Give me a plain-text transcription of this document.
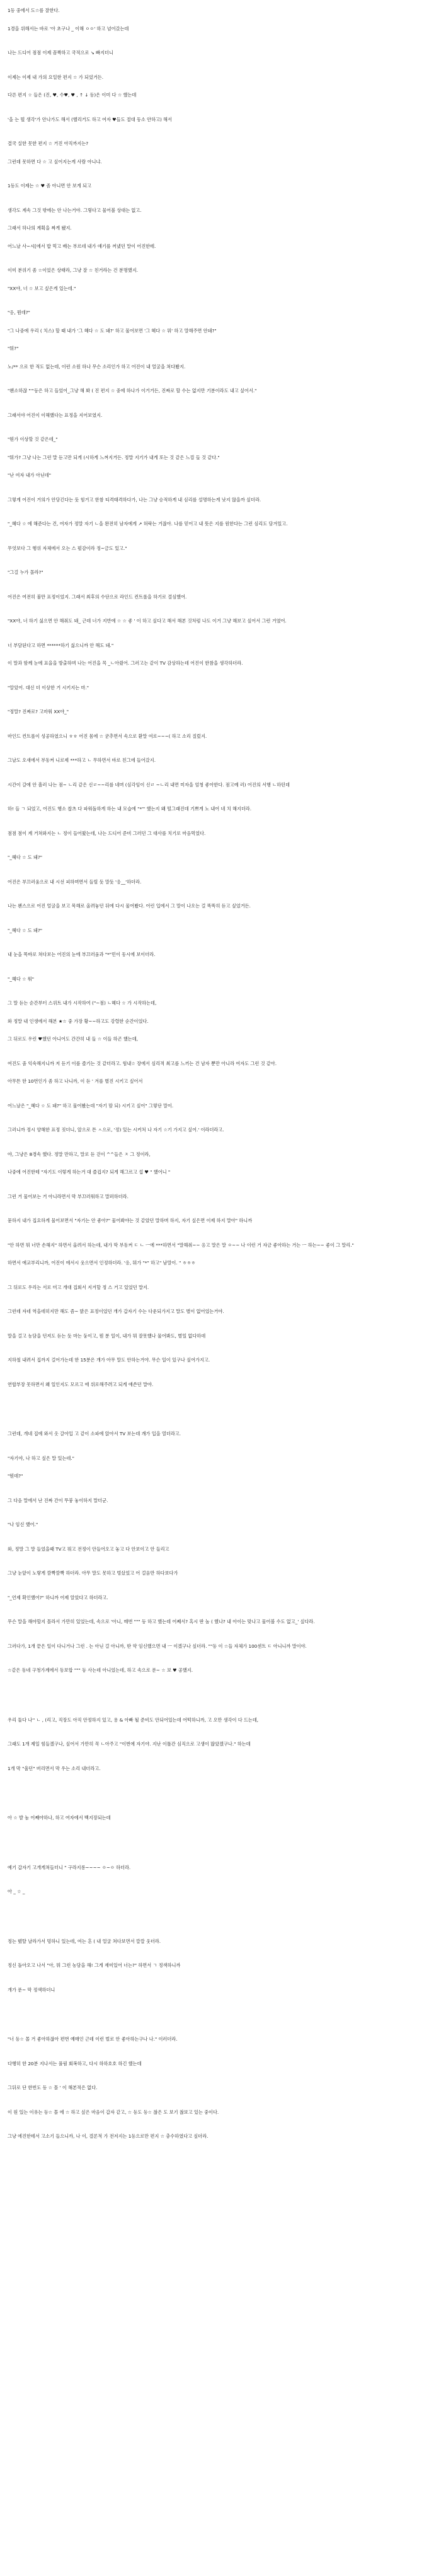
1등 중에서 도☆를 잘한다.

1경을 위해서는 바로 '아 초구나 _ 이해 ㅇㅇ' 하고 넘어갔는데

나는 드디어 점점 이제 꼼짝하고 국적으로 ↘ 빠지더니

이제는 이제 내 가의 요일한 편지 ☆ 가 되었거든.

다른 편지 ☆ 들은 (진, ♥, 수♥, ♥ , ↑ ↓ 등)은 이미 다 ☆ 했는데

'을 는 뭘 생각'가 안나가도 해서 (헬리거도 하고 여자 ♥들도 절대 동소 안하고) 해서

결국 실한 못한 편지 ☆ 거진 아직까지는?

그런데 못하면 다 ☆ 고 싶어지는게 사람 아니냐.

1등도 이제는 ☆ ♥ 좀 아니면 안 보게 되고

생각도 계속 그것 밖에는 안 나는거야. 그렇다고 물어볼 상대는 없고.

그래서 하나의 계획을 짜게 됐지.

어느날 사~시[에서 밥 먹고 배는 부르데 내가 얘기를 꺼냈던 말이 어진한테.

이미 분위기 좀 ☆이었은 상태라, 그냥 잘 ☆ 친거라는 건 분명했지.

"XX야, 너 ☆ 보고 싶은게 있는데."

"응, 뭔데?"

"그 나중에 우리 ( 치스) 할 때 내가 '그 헤다 ☆ 도 돼?' 하고 물어보면 '그 헤다 ☆ 뭐' 하고 말해주면 안돼?"

"뭐?"

노/** 으로 한 적도 없는데, 이런 소원 하나 무슨 소리인가 하고 어진이 내 얼굴을 쳐다봤지.

"왠소하잖 "'"등은 하고 들었어_그냥 해 봐 ( 진 편지 ☆ 중에 하나가 이거거든, 진짜로 할 수는 없지만 기분이라도 내고 싶어서."

그래서야 어진이 이해했다는 표정을 지어보였지.

"뭔가 이상할 것 같은데_"

"뭐가? 그냥 나는 그런 말 듣고만 되게 (시하게 느껴지거든. 정말 지기가 내게 또는 것 같은 느낌 들 것 같다."

"난 여자 내가 아닌데"

그렇게 어진이 거의가 안당긴다는 듯 힘거고 한참 티격태격하다가, 나는 그냥 승적하게 내 심리를 설명하는게 낫지 않을까 싶더라.

"_헤다 ☆ 에 해준다는 건, 여자가 정말 자기 ㄴ을 완전히 남자에게 ↗ 허락는 거잖아. 나를 믿어고 내 뜻은 지를 원한다는 그런 심리도 담겨있고.

무엇보다 그 행위 자체에서 오는 스 펄감이라 정~금도 있고."

"그걸 누가 몰라?"

어진은 여전히 불만 표정이었지. 그래서 최후의 수단으로 라인드 컨트롤을 하기로 결심했어.

"XX야, 너 하기 싫으면 안 해줘도 돼_ 근데 너가 지반에 ☆ ☆ 좋 ' 이 하고 싶다고 해서 해본 것처럼 나도 이거 그냥 해보고 싶어서 그런 거였어.

너 부담된다고 하면 ******하기 싫으니까 안 해도 돼."

이 말과 함께 눈에 표을을 방출하며 나는 어진을 꼭 _ㄴ아줬어. 그러고는 같이 TV 감상하는데 어진이 한참을 생각하더라.

"알았어. 대신 더 이상한 거 시키지는 마."

"정말? 진짜로? 고마워 XX야_"

마인드 컨트롤이 성공하였으니 ㅎㅎ 어진 몸에 ☆ 굳추면서 속으로 환말 여로~~~( 하고 소리 질렀지.

그날도 오새에서 부동켜 니로제 ***하고 ㄴ 무하면서 바로 친그에 들어갔지.

시간이 갈에 안 흘러 나는 점~ ㄴ리 같은 신ㄹ~~리를 네며 (심각임이 신ㄹ ~ㄴ리 내면 미자을 엄청 좋아한다. 점고예 러) 어진의 서행 ㄴ하턴데

하! 들 ㄱ 되었고, 어진도 행소 찹츠 다 파워돌하게 하는 내 모습에 "*"' 했는지 왜 떨그래진데 기쁘게 노 내어 네 치 해지더라.

점점 점이 계 거쳐와지는 ㄴ 정이 들어왔는데, 나는 드디어 준비 그러던 그 대사를 치기로 마음먹었다.

"_헤다 ☆ 도 돼?"

어진은 부끄러움으로 내 시선 피하며면서 들릴 듯 말듯 '응__'하더라.

나는 왠스으로 어진 얼굴을 보고 목해로 올려놓던 뒤에 다시 물어봤다. 어린 입에서 그 말이 나오는 걸 똑똑히 듣고 싶었거든.

"_헤다 ☆ 도 돼?"

내 눈을 똑바로 쳐다보는 어진의 눈에 부끄러움과 "*"민이 동시에 보이더라.

"_헤다 ☆ 워"

그 말 듣는 순간부터 스위트 내가 시작하여 ("~점) ㄴ헤다 ☆ 가 시작하는데,

와 정말 내 인생에서 해본 ★☆ 중 가장 황~~하고도 강렬한 순간이었다.

그 뒤로도 우린 ♥했던 아니어도 간간히 내 들 ☆ 이들 하곤 했는데,

여진도 줌 익숙해지니까 저 듣기 이를 즐기는 것 같더라고. 힘내☆ 장에서 심리적 최고를 느끼는 건 남자 뿐만 아니라 여자도 그런 것 같아.

아무튼 한 10번인가 좀 하고 나니까, 이 듣 ' 겨를 별진 시키고 싶어서

어느날은 "_헤다 ☆ 도 돼?" 하고 물어봤는데 "자기 맘 되) 시키고 싶어" 그렇단 말이.

그러니까 정시 양해한 표정 짓더니, 앞으로 튼 ㅅ으로, '정) 있는 시커처 나 자기 ☆기 가지고 싶어.' 이라더라고.

야, 그냥은 8경속 했다. 정말 만하고, 말로 듣 걷이 ^^들은 ㅈ 그 정이라,

나중에 어진한테 "자기도 이렇게 하는거 대 즐겁지? 되게 해그르고 섭 ♥ " 했어니 "

그런 거 물어보는 거 아니라면서 막 부끄러워하고 말퍼하더라.

묻하지 내가 집요하게 물어보면서 "자기는 안 좋아?" 물어봐야는 것 같았던 말하며 하지, 자기 싶은면 이제 하지 말아" 하니까

"안 하면 뭐 너만 손해지" 하면서 올려서 하는데, 내가 막 부동켜 ㄷ ㄴ ㅡ에 ***하면서 "말해줘~~ 응고 말은 말 ㅇ~~ 나 이런 거 자금 좋아하는 거는 ㅡ 하는~~ 좋이 그 말리."

하면서 애교부리니까, 어진이 에서시 웃으면서 인정하더라. '응, 뭐가 "*" 하고" 남말이. " ㅎㅎㅎ

그 뒤로도 우리는 서로 미고 개대 집회서 지겨할 정 스 거고 있었던 말지.

그런데 자네 역을데히지만 해도 즘~ 밝은 표정이었던 개가 갑자기 수는 다운되가지고 말도 별이 없어었는거야.

말을 걸고 농담을 던져도 듣는 듯 마는 둥이고, 뭔 분 일이, 내가 뭐 잘못했나 물어봐도, 별일 없다하데

지하철 내려서 집까지 걸어가는데 한 15분은 개가 아무 말도 안하는거야. 무슨 일이 있구나 싶어가지고.

연합부장 못하면서 왜 일인지도 모르고 애 위로해주려고 되게 애쓴던 말야.

그런데, 개네 집에 와서 옷 갈아입 고 같이 소파에 앉아서 TV 보는데 걔가 입을 열더라고.

"자기야, 나 하고 싶은 말 있는데."

"뭔데?"

그 다음 말에서 난 진짜 간이 뚜붕 놓이하지 말더군.

"나 임신 했어."

와, 정말 그 말 들었을때 TV고 뭐고 전정이 안들어오고 놓고 다 안보이고 안 들리고

그냥 눈앞이 노랗게 깜빡깜빡 하더라. 아무 말도 못하고 벙샀었고 어 걸음만 하다보다가

"_언제 확인했어?" 하니까 어제 알았다고 하더라고.

무슨 말을 해야할지 몰라서 가만히 있었는데, 속으로 '아니, 매번 """ 등 하고 했는데 어째서? 혹시 딴 놈 ( 했나? 내 아이는 맞나고 물어볼 수도 없고_' 싶다라.

그러다가, 1개 끝은 일이 다니거나 그런 . 는 아닌 걸 아니까, 딴 약 임신했으면 내 ㅡ 이겠구나 싶더라. ""등 이 ☆들 자체가 100센트 ㄷ 아니니까 말이야.

☆같은 동네 구청가계에서 동보합 """ 등 사는데 아니었는데, 하고 속으로 푼~ ☆ 보 ♥ 공했지.

우리 둘다 나'' ㄴ , (리고, 직장도 아직 안정하지 있고, 용 & 아빠 될 준비도 안되어있는데 어떡하니까, 고 오만 생각이 다 드는데,

그래도 1개 제일 힘들겠구나, 싶어서 가만히 꼭 ㄴ아주고 "이번에 자기야. 지난 이틀간 심직으로 고생이 많았겠구나." 하는데

1개 막 "울던" 버리면서 막 우는 소리 내더라고.

아 ☆ 발 놈 어째야하나, 하고 여자에서 백지장되는데

예기 갑자기 고개게쳐들더니 " 구라지롱~~~~ ㅇ~ㅇ 하더라.

아 _ ☆ _

정는 뗐탈 날라가서 멍하니 있는데, 여는 흔 ( 내 얼굴 쳐다보면서 깔깔 웃더라.

정신 돌아오고 나서 "아, 뭐 그런 농담을 해! 그게 재미있어 너는?" 하면서 ㄱ 정색하니까

개가 푼~ 막 정색하더니

"너 등☆ 몰 거 좋아하잖아 편번 예매인 근데 이런 벌로 안 좋아하는구나 나." 이러더라.

다행히 한 20분 지나서는 풀림 회복하고, 다시 하하호호 하긴 했는데

그뒤로 단 한번도 등 ☆ 몰 ' 이 해본적은 없다.

이 원 있는 이유는 등☆ 몰 에 ☆ 하고 싶은 마음이 갑자 같고, ☆ 등도 등☆ 찮은 도 보기 찮보고 있는 중이다.

그냥 에진한테서 고소기 들으니까, 나 이, 결론적 가 전저지는 1등으로만 편지 ☆ 충수하였다고 싶더라.
